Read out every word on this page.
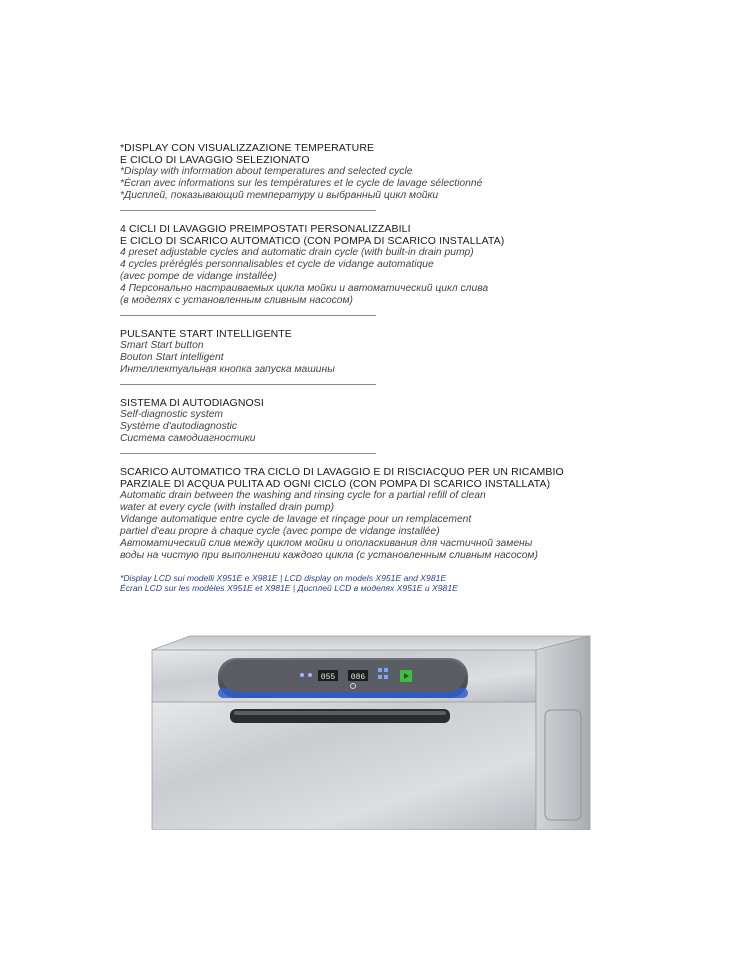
*DISPLAY CON VISUALIZZAZIONE TEMPERATURE
E CICLO DI LAVAGGIO SELEZIONATO
*Display with information about temperatures and selected cycle
*Écran avec informations sur les températures et le cycle de lavage sélectionné
*Дисплей, показывающий температуру и выбранный цикл мойки
4 CICLI DI LAVAGGIO PREIMPOSTATI PERSONALIZZABILI
E CICLO DI SCARICO AUTOMATICO (CON POMPA DI SCARICO INSTALLATA)
4 preset adjustable cycles and automatic drain cycle (with built-in drain pump)
4 cycles préréglés personnalisables et cycle de vidange automatique
(avec pompe de vidange installée)
4 Персонально настраиваемых цикла мойки и автоматический цикл слива
(в моделях с установленным сливным насосом)
PULSANTE START INTELLIGENTE
Smart Start button
Bouton Start intelligent
Интеллектуальная кнопка запуска машины
SISTEMA DI AUTODIAGNOSI
Self-diagnostic system
Système d'autodiagnostic
Система самодиагностики
SCARICO AUTOMATICO TRA CICLO DI LAVAGGIO E DI RISCIACQUO PER UN RICAMBIO
PARZIALE DI ACQUA PULITA AD OGNI CICLO (CON POMPA DI SCARICO INSTALLATA)
Automatic drain between the washing and rinsing cycle for a partial refill of clean
water at every cycle (with installed drain pump)
Vidange automatique entre cycle de lavage et rinçage pour un remplacement
partiel d'eau propre à chaque cycle (avec pompe de vidange installée)
Автоматический слив между циклом мойки и ополаскивания для частичной замены
воды на чистую при выполнении каждого цикла (с установленным сливным насосом)
*Display LCD sui modelli X951E e X981E | LCD display on models X951E and X981E
Écran LCD sur les modèles X951E et X981E | Дисплей LCD в моделях X951E и X981E
055 086
